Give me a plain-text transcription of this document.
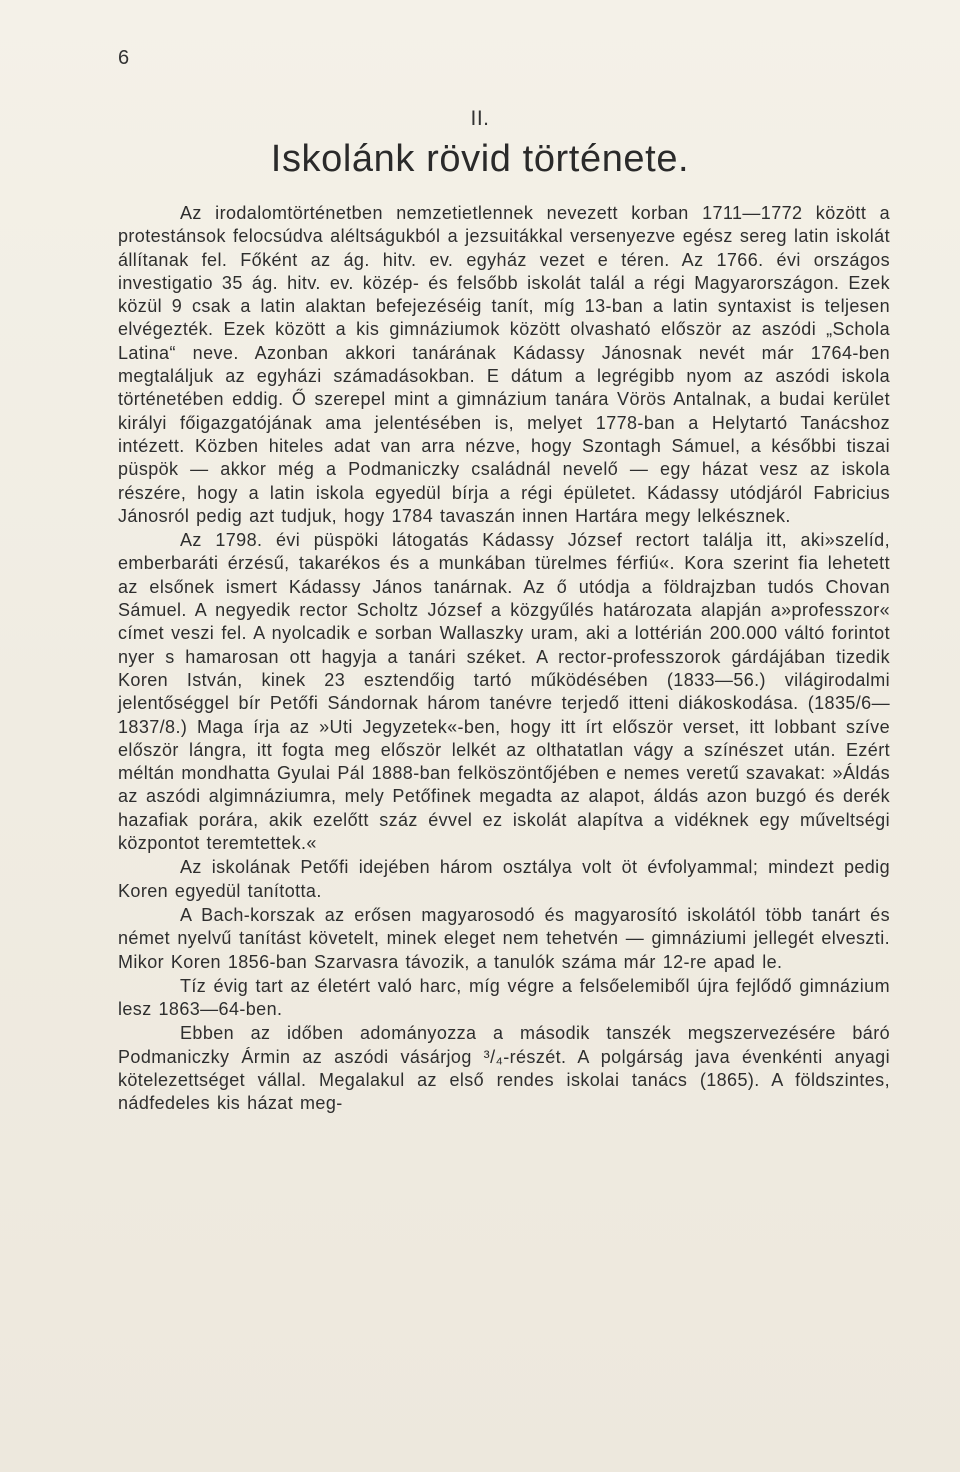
6
II.
Iskolánk rövid története.

Az irodalomtörténetben nemzetietlennek nevezett korban 1711—1772 között a protestánsok felocsúdva aléltságukból a jezsuitákkal versenyezve egész sereg latin iskolát állítanak fel. Főként az ág. hitv. ev. egyház vezet e téren. Az 1766. évi országos investigatio 35 ág. hitv. ev. közép- és felsőbb iskolát talál a régi Magyarországon. Ezek közül 9 csak a latin alaktan befejezéséig tanít, míg 13-ban a latin syntaxist is teljesen elvégezték. Ezek között a kis gimnáziumok között olvasható először az aszódi „Schola Latina“ neve. Azonban akkori tanárának Kádassy Jánosnak nevét már 1764-ben megtaláljuk az egyházi számadásokban. E dátum a legrégibb nyom az aszódi iskola történetében eddig. Ő szerepel mint a gimnázium tanára Vörös Antalnak, a budai kerület királyi főigazgatójának ama jelentésében is, melyet 1778-ban a Helytartó Tanácshoz intézett. Közben hiteles adat van arra nézve, hogy Szontagh Sámuel, a későbbi tiszai püspök — akkor még a Podmaniczky családnál nevelő — egy házat vesz az iskola részére, hogy a latin iskola egyedül bírja a régi épületet. Kádassy utódjáról Fabricius Jánosról pedig azt tudjuk, hogy 1784 tavaszán innen Hartára megy lelkésznek.

Az 1798. évi püspöki látogatás Kádassy József rectort találja itt, aki»szelíd, emberbaráti érzésű, takarékos és a munkában türelmes férfiú«. Kora szerint fia lehetett az elsőnek ismert Kádassy János tanárnak. Az ő utódja a földrajzban tudós Chovan Sámuel. A negyedik rector Scholtz József a közgyűlés határozata alapján a»professzor« címet veszi fel. A nyolcadik e sorban Wallaszky uram, aki a lottérián 200.000 váltó forintot nyer s hamarosan ott hagyja a tanári széket. A rector-professzorok gárdájában tizedik Koren István, kinek 23 esztendőig tartó működésében (1833—56.) világirodalmi jelentőséggel bír Petőfi Sándornak három tanévre terjedő itteni diákoskodása. (1835/6—1837/8.) Maga írja az »Uti Jegyzetek«-ben, hogy itt írt először verset, itt lobbant szíve először lángra, itt fogta meg először lelkét az olthatatlan vágy a színészet után. Ezért méltán mondhatta Gyulai Pál 1888-ban felköszöntőjében e nemes veretű szavakat: »Áldás az aszódi algimnáziumra, mely Petőfinek megadta az alapot, áldás azon buzgó és derék hazafiak porára, akik ezelőtt száz évvel ez iskolát alapítva a vidéknek egy műveltségi központot teremtettek.«

Az iskolának Petőfi idejében három osztálya volt öt évfolyammal; mindezt pedig Koren egyedül tanította.

A Bach-korszak az erősen magyarosodó és magyarosító iskolától több tanárt és német nyelvű tanítást követelt, minek eleget nem tehetvén — gimnáziumi jellegét elveszti. Mikor Koren 1856-ban Szarvasra távozik, a tanulók száma már 12-re apad le.

Tíz évig tart az életért való harc, míg végre a felsőelemiből újra fejlődő gimnázium lesz 1863—64-ben.

Ebben az időben adományozza a második tanszék megszervezésére báró Podmaniczky Ármin az aszódi vásárjog ³/₄-részét. A polgárság java évenkénti anyagi kötelezettséget vállal. Megalakul az első rendes iskolai tanács (1865). A földszintes, nádfedeles kis házat meg-
